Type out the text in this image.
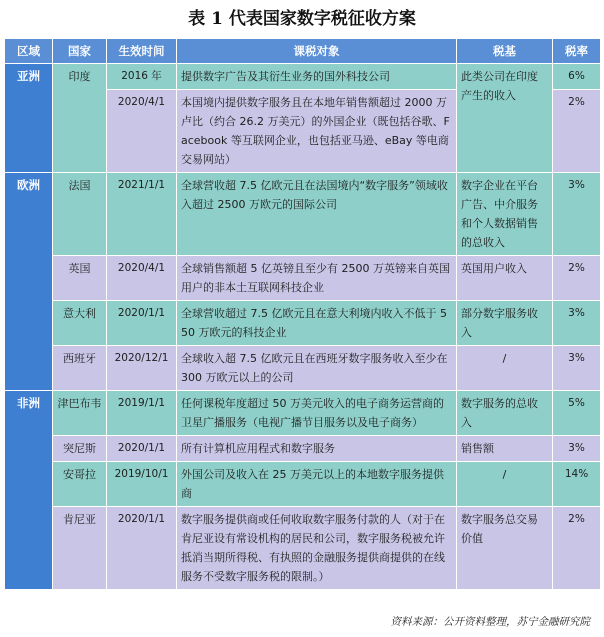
表 1 代表国家数字税征收方案
区域	国家	生效时间	课税对象	税基	税率
亚洲	印度	2016 年	提供数字广告及其衍生业务的国外科技公司	此类公司在印度产生的收入	6%
		2020/4/1	本国境内提供数字服务且在本地年销售额超过 2000 万卢比（约合 26.2 万美元）的外国企业（既包括谷歌、Facebook 等互联网企业，也包括亚马逊、eBay 等电商交易网站）		2%
欧洲	法国	2021/1/1	全球营收超 7.5 亿欧元且在法国境内“数字服务”领域收入超过 2500 万欧元的国际公司	数字企业在平台广告、中介服务和个人数据销售的总收入	3%
	英国	2020/4/1	全球销售额超 5 亿英镑且至少有 2500 万英镑来自英国用户的非本土互联网科技企业	英国用户收入	2%
	意大利	2020/1/1	全球营收超过 7.5 亿欧元且在意大利境内收入不低于 550 万欧元的科技企业	部分数字服务收入	3%
	西班牙	2020/12/1	全球收入超 7.5 亿欧元且在西班牙数字服务收入至少在 300 万欧元以上的公司	/	3%
非洲	津巴布韦	2019/1/1	任何课税年度超过 50 万美元收入的电子商务运营商的卫星广播服务（电视广播节目服务以及电子商务）	数字服务的总收入	5%
	突尼斯	2020/1/1	所有计算机应用程式和数字服务	销售额	3%
	安哥拉	2019/10/1	外国公司及收入在 25 万美元以上的本地数字服务提供商	/	14%
	肯尼亚	2020/1/1	数字服务提供商或任何收取数字服务付款的人（对于在肯尼亚设有常设机构的居民和公司，数字服务税被允许抵消当期所得税、有执照的金融服务提供商提供的在线服务不受数字服务税的限制。）	数字服务总交易价值	2%
资料来源：公开资料整理，苏宁金融研究院
